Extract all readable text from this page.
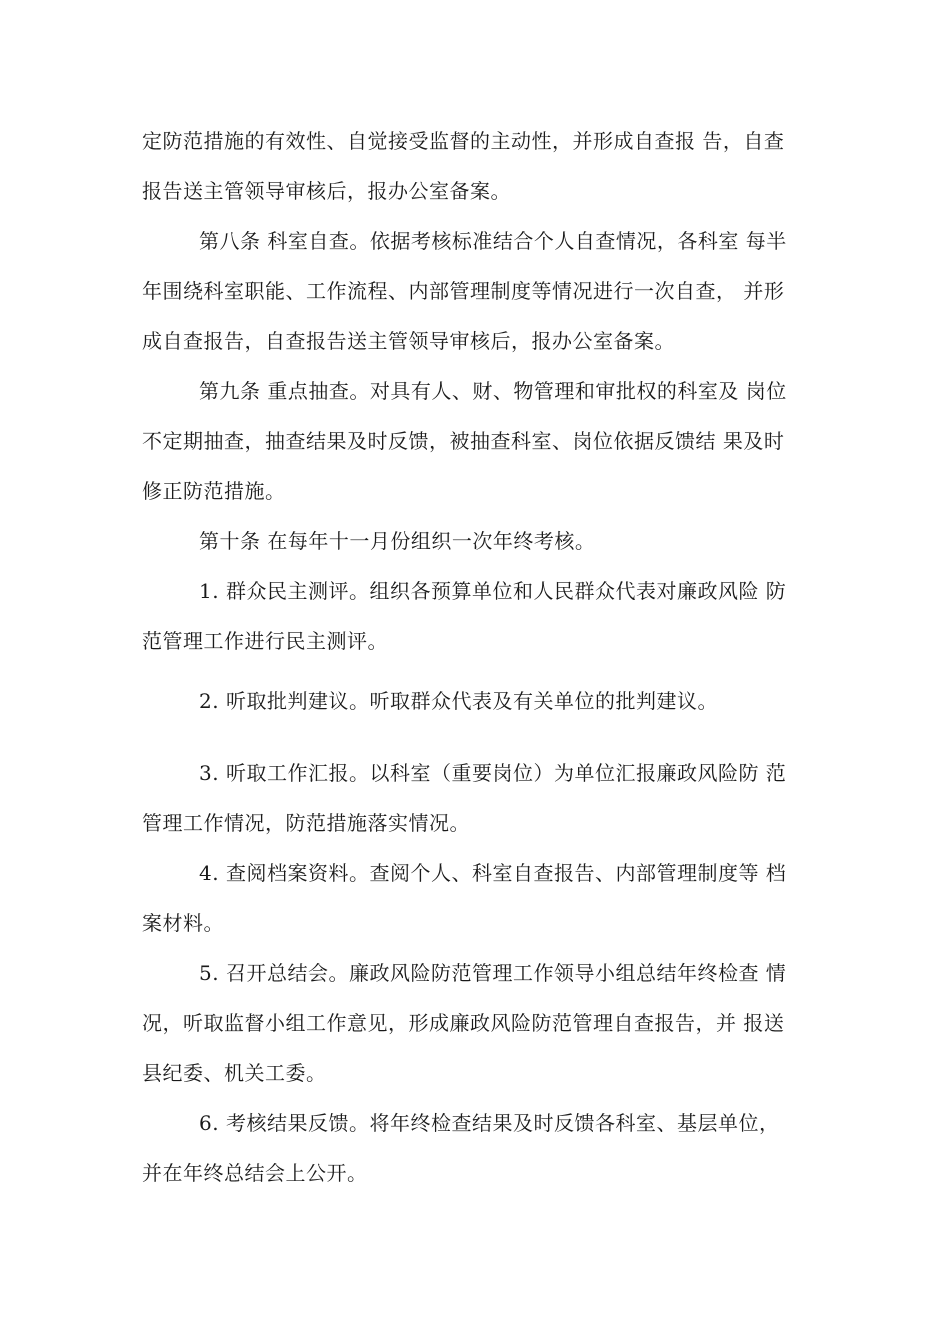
定防范措施的有效性、自觉接受监督的主动性，并形成自查报 告，自查
报告送主管领导审核后，报办公室备案。

第八条 科室自查。依据考核标准结合个人自查情况，各科室 每半
年围绕科室职能、工作流程、内部管理制度等情况进行一次自查， 并形
成自查报告，自查报告送主管领导审核后，报办公室备案。

第九条 重点抽查。对具有人、财、物管理和审批权的科室及 岗位
不定期抽查，抽查结果及时反馈，被抽查科室、岗位依据反馈结 果及时
修正防范措施。

第十条 在每年十一月份组织一次年终考核。

1. 群众民主测评。组织各预算单位和人民群众代表对廉政风险 防
范管理工作进行民主测评。

2. 听取批判建议。听取群众代表及有关单位的批判建议。

3. 听取工作汇报。以科室（重要岗位）为单位汇报廉政风险防 范
管理工作情况，防范措施落实情况。

4. 查阅档案资料。查阅个人、科室自查报告、内部管理制度等 档
案材料。

5. 召开总结会。廉政风险防范管理工作领导小组总结年终检查 情
况，听取监督小组工作意见，形成廉政风险防范管理自查报告，并 报送
县纪委、机关工委。

6. 考核结果反馈。将年终检查结果及时反馈各科室、基层单位，
并在年终总结会上公开。
